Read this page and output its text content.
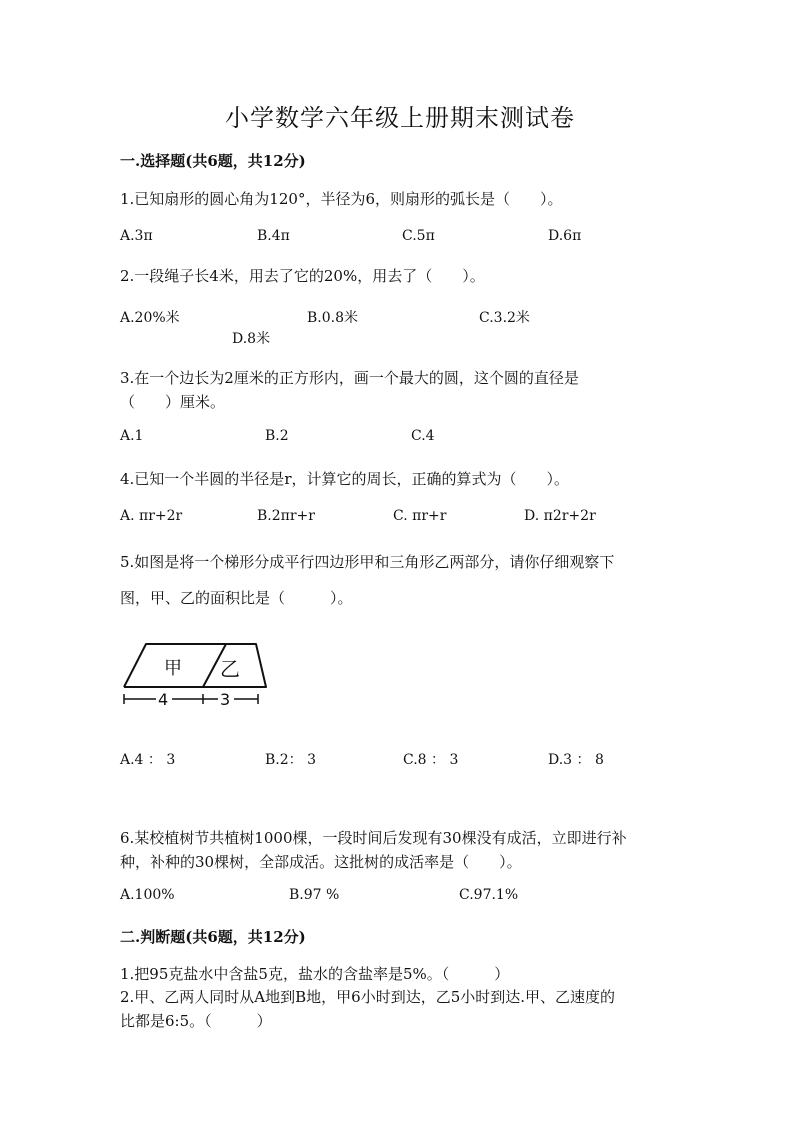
小学数学六年级上册期末测试卷
一.选择题(共6题，共12分)
1.已知扇形的圆心角为120°，半径为6，则扇形的弧长是（　　）。
A.3π	B.4π	C.5π	D.6π
2.一段绳子长4米，用去了它的20%，用去了（　　）。
A.20%米	B.0.8米	C.3.2米
D.8米
3.在一个边长为2厘米的正方形内，画一个最大的圆，这个圆的直径是
（　　）厘米。
A.1	B.2	C.4
4.已知一个半圆的半径是r，计算它的周长，正确的算式为（　　）。
A. πr+2r	B.2πr+r	C. πr+r	D. π2r+2r
5.如图是将一个梯形分成平行四边形甲和三角形乙两部分，请你仔细观察下
图，甲、乙的面积比是（　　　）。
甲 乙
4	3
A.4 ： 3	B.2： 3	C.8 ： 3	D.3 ： 8
6.某校植树节共植树1000棵，一段时间后发现有30棵没有成活，立即进行补
种，补种的30棵树，全部成活。这批树的成活率是（　　）。
A.100%	B.97 %	C.97.1%
二.判断题(共6题，共12分)
1.把95克盐水中含盐5克，盐水的含盐率是5%。（　　　）
2.甲、乙两人同时从A地到B地，甲6小时到达，乙5小时到达.甲、乙速度的
比都是6:5。（　　　）
